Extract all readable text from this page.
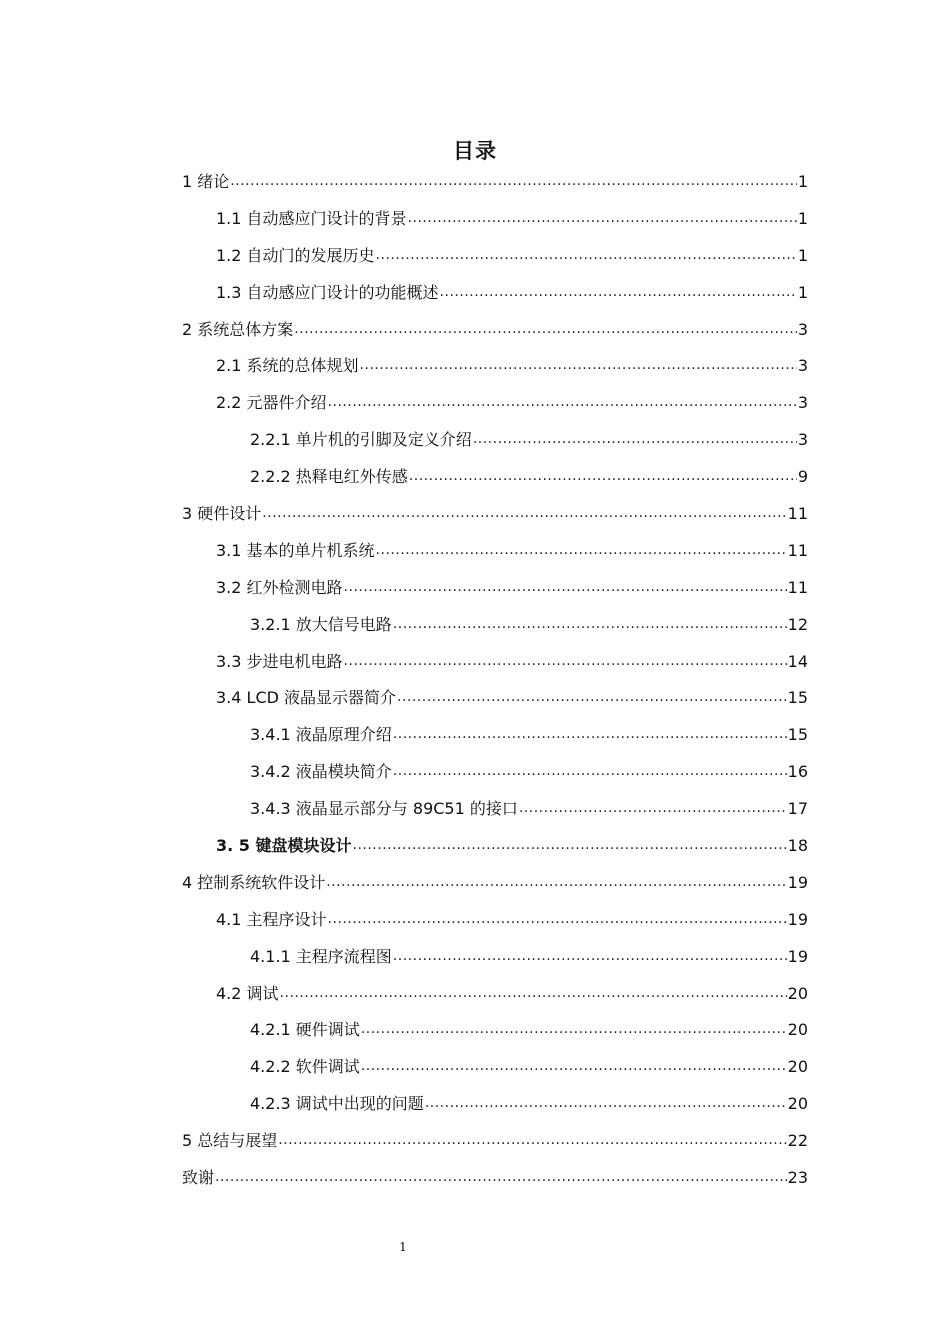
目录
1 绪论 .....	1
1.1 自动感应门设计的背景 .....	1
1.2 自动门的发展历史 .....	1
1.3 自动感应门设计的功能概述 .....	1
2 系统总体方案 .....	3
2.1 系统的总体规划 .....	3
2.2 元器件介绍 .....	3
2.2.1 单片机的引脚及定义介绍 .....	3
2.2.2 热释电红外传感 .....	9
3 硬件设计 .....	11
3.1 基本的单片机系统 .....	11
3.2 红外检测电路 .....	11
3.2.1 放大信号电路 .....	12
3.3 步进电机电路 .....	14
3.4 LCD 液晶显示器简介 .....	15
3.4.1 液晶原理介绍 .....	15
3.4.2 液晶模块简介 .....	16
3.4.3 液晶显示部分与 89C51 的接口 .....	17
3. 5 键盘模块设计 .....	18
4 控制系统软件设计 .....	19
4.1 主程序设计 .....	19
4.1.1 主程序流程图 .....	19
4.2 调试 .....	20
4.2.1 硬件调试 .....	20
4.2.2 软件调试 .....	20
4.2.3 调试中出现的问题 .....	20
5 总结与展望 .....	22
致谢 .....	23
1
